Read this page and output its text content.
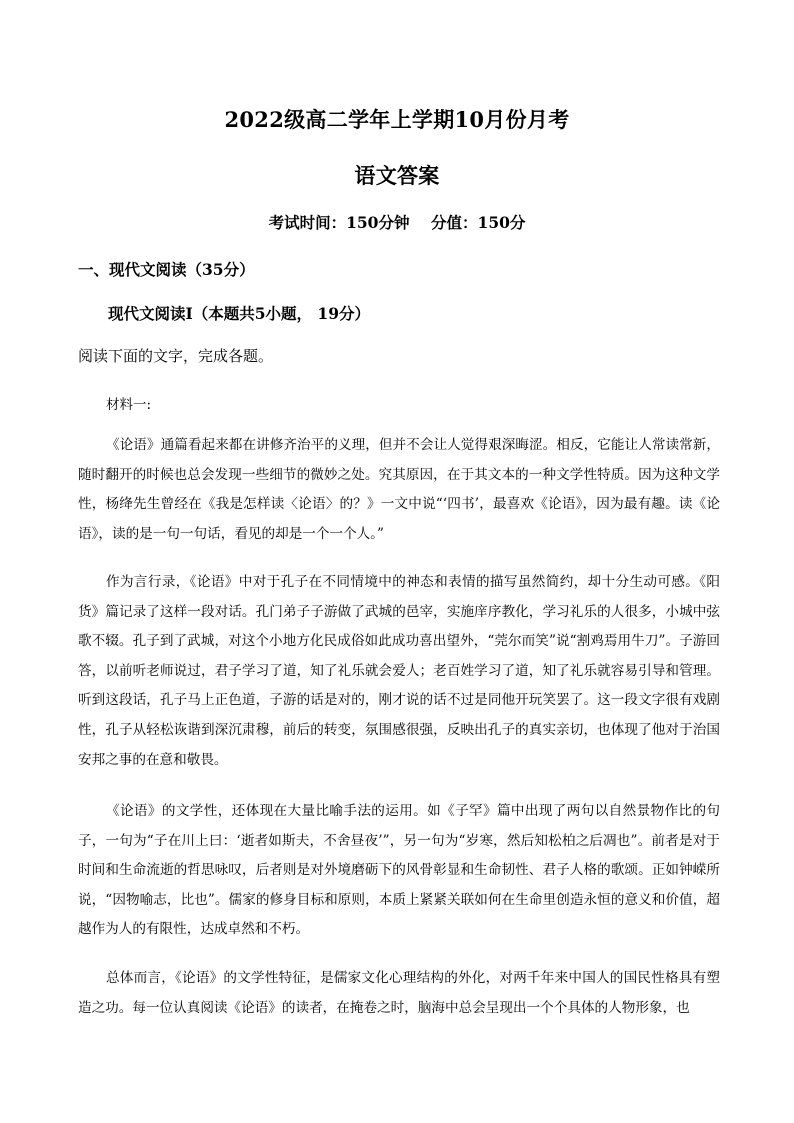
2022级高二学年上学期10月份月考
语文答案
考试时间：150分钟    分值：150分
一、现代文阅读（35分）
现代文阅读Ⅰ（本题共5小题， 19分）
阅读下面的文字，完成各题。
材料一:
《论语》通篇看起来都在讲修齐治平的义理，但并不会让人觉得艰深晦涩。相反，它能让人常读常新，随时翻开的时候也总会发现一些细节的微妙之处。究其原因，在于其文本的一种文学性特质。因为这种文学性，杨绛先生曾经在《我是怎样读〈论语〉的？》一文中说“‘四书’，最喜欢《论语》，因为最有趣。读《论语》，读的是一句一句话，看见的却是一个一个人。”
作为言行录，《论语》中对于孔子在不同情境中的神态和表情的描写虽然简约，却十分生动可感。《阳货》篇记录了这样一段对话。孔门弟子子游做了武城的邑宰，实施庠序教化，学习礼乐的人很多，小城中弦歌不辍。孔子到了武城，对这个小地方化民成俗如此成功喜出望外，“莞尔而笑”说“割鸡焉用牛刀”。子游回答，以前听老师说过，君子学习了道，知了礼乐就会爱人；老百姓学习了道，知了礼乐就容易引导和管理。听到这段话，孔子马上正色道，子游的话是对的，刚才说的话不过是同他开玩笑罢了。这一段文字很有戏剧性，孔子从轻松诙谐到深沉肃穆，前后的转变，氛围感很强，反映出孔子的真实亲切，也体现了他对于治国安邦之事的在意和敬畏。
《论语》的文学性，还体现在大量比喻手法的运用。如《子罕》篇中出现了两句以自然景物作比的句子，一句为“子在川上曰：‘逝者如斯夫，不舍昼夜’”，另一句为“岁寒，然后知松柏之后凋也”。前者是对于时间和生命流逝的哲思咏叹，后者则是对外境磨砺下的风骨彰显和生命韧性、君子人格的歌颂。正如钟嵘所说，“因物喻志，比也”。儒家的修身目标和原则，本质上紧紧关联如何在生命里创造永恒的意义和价值，超越作为人的有限性，达成卓然和不朽。
总体而言，《论语》的文学性特征，是儒家文化心理结构的外化，对两千年来中国人的国民性格具有塑造之功。每一位认真阅读《论语》的读者，在掩卷之时，脑海中总会呈现出一个个具体的人物形象，也
